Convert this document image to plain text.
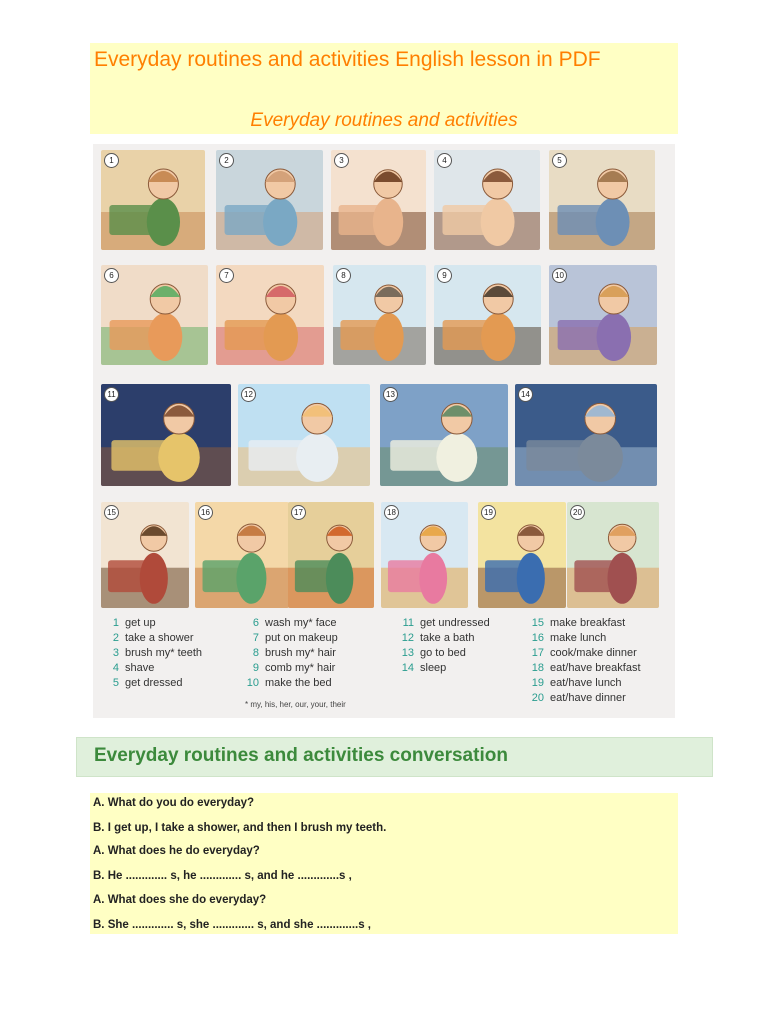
Everyday routines and activities English lesson in PDF
Everyday routines and activities
1	2	3	4	5
6	7	8	9	10
11	12	13	14
15	16	17	18	19	20
1 get up
2 take a shower
3 brush my* teeth
4 shave
5 get dressed
6 wash my* face
7 put on makeup
8 brush my* hair
9 comb my* hair
10 make the bed
11 get undressed
12 take a bath
13 go to bed
14 sleep
15 make breakfast
16 make lunch
17 cook/make dinner
18 eat/have breakfast
19 eat/have lunch
20 eat/have dinner
* my, his, her, our, your, their
Everyday routines and activities conversation
A. What do you do everyday?
B. I get up, I take a shower, and then I brush my teeth.
A. What does he do everyday?
B. He ............. s, he ............. s, and he .............s ,
A. What does she do everyday?
B. She ............. s, she ............. s, and she .............s ,
